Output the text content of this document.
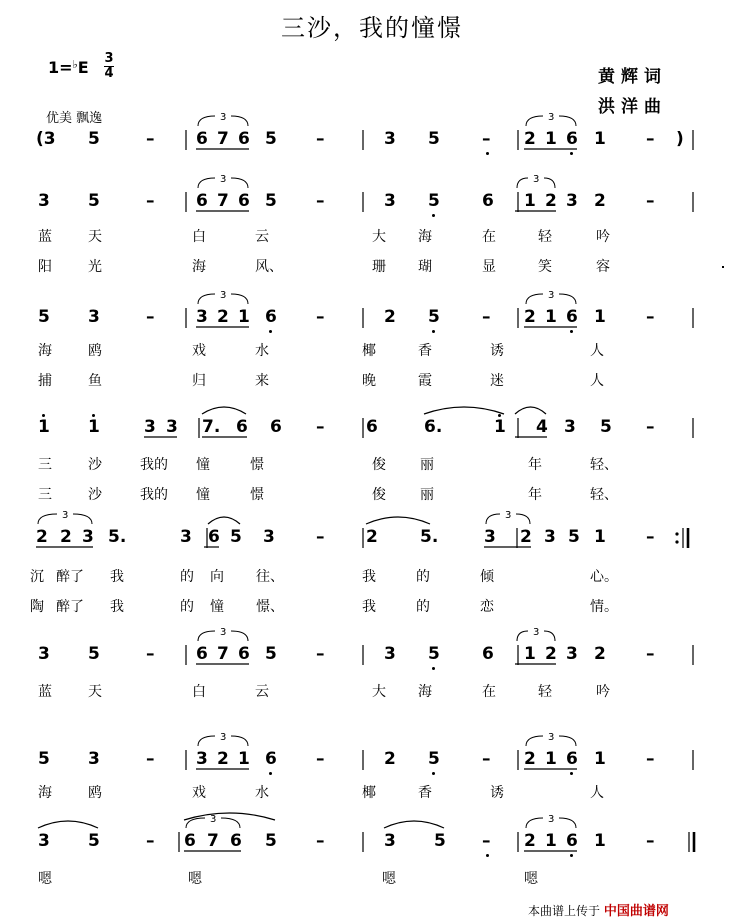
三沙，我的憧憬
1=♭E 3
4	黄辉词
洪洋曲
优美 飘逸
(3 5	– 6 7 6 5 –	3 5 – 2 1 6 1 – )
3 5	– 6 7 6 5 –	3 5 6 1 2 3 2 –
蓝	天	白	云	大 海	在	轻	吟
阳	光	海	风、	珊 瑚	显	笑	容
5 3	– 3 2 1 6 –	2 5 – 2 1 6 1 –
海	鸥	戏	水	椰	香	诱	人
捕	鱼	归	来	晚	霞	迷	人
1 1	3 3 7. 6 6 – 6	6.	1 4 3 5 –
三	沙	我的 憧	憬	俊 丽	年	轻、
三	沙	我的 憧	憬	俊 丽	年	轻、
2 2 3 5.	3 6 5 3 – 2 5.	3 2 3 5 1 –
沉 醉了 我	的 向 往、	我	的	倾	心。
陶 醉了 我	的 憧 憬、	我	的	恋	情。
3 5	– 6 7 6 5 –	3 5 6 1 2 3 2 –
蓝	天	白	云	大 海	在	轻	吟
5 3	– 3 2 1 6 –	2 5 – 2 1 6 1 –
海	鸥	戏	水	椰	香	诱	人
3 5	– 6 7 6 5 –	3 5 – 2 1 6 1 –
嗯	嗯	嗯	嗯
3	3
3	3
3	3
3	3
3	3
3	3
3	3
本曲谱上传于 中国曲谱网
